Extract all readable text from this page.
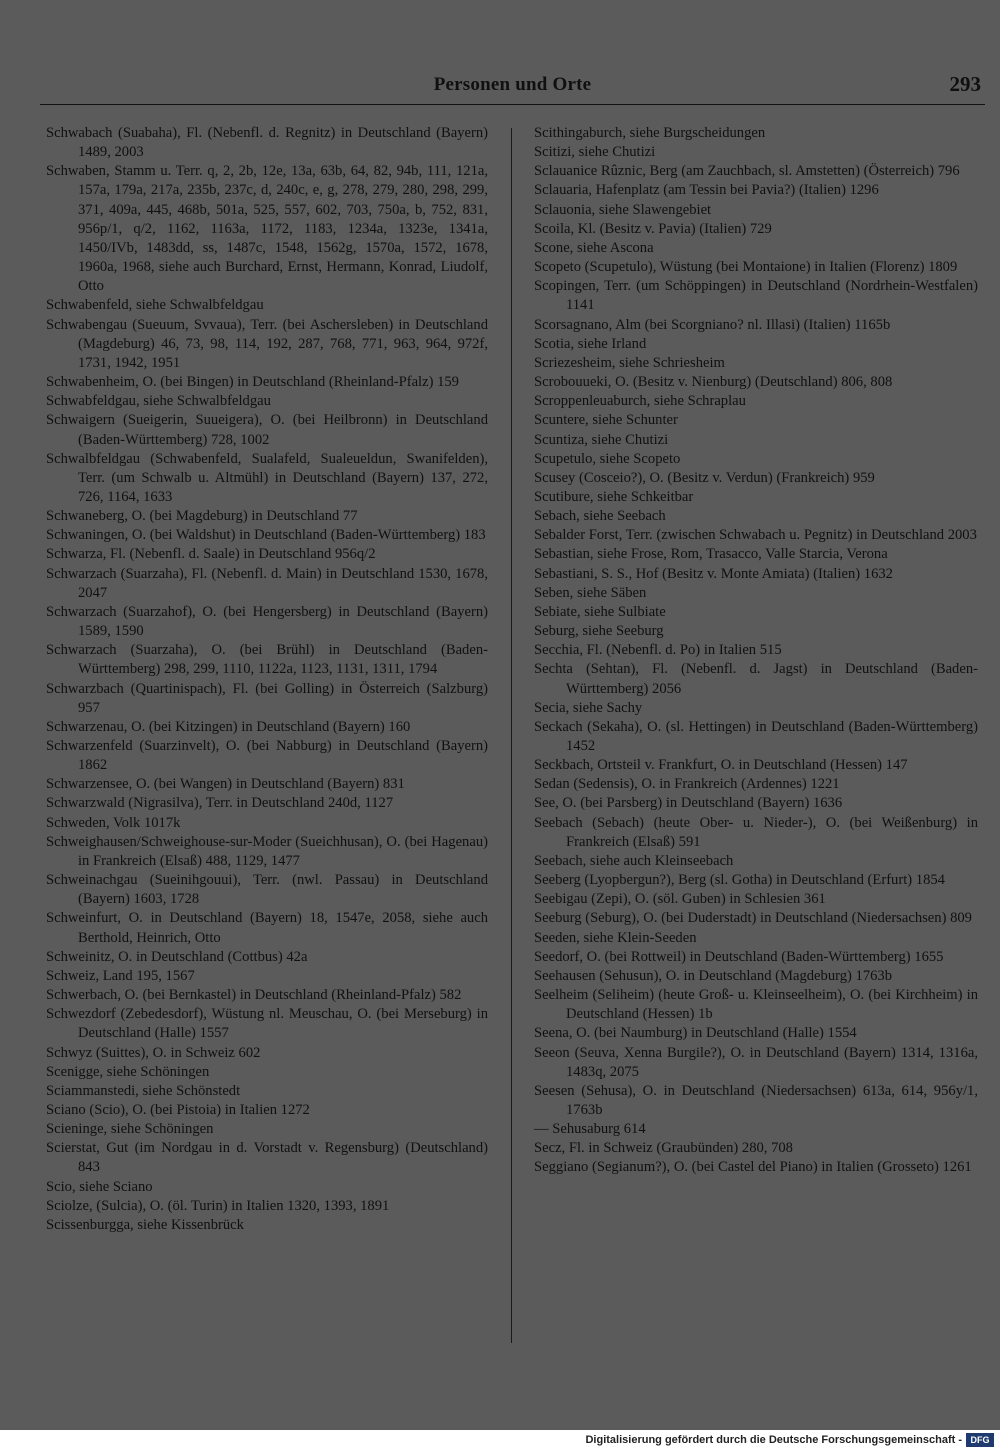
Personen und Orte	293
Schwabach (Suabaha), Fl. (Nebenfl. d. Regnitz) in Deutschland (Bayern) 1489, 2003
Schwaben, Stamm u. Terr. q, 2, 2b, 12e, 13a, 63b, 64, 82, 94b, 111, 121a, 157a, 179a, 217a, 235b, 237c, d, 240c, e, g, 278, 279, 280, 298, 299, 371, 409a, 445, 468b, 501a, 525, 557, 602, 703, 750a, b, 752, 831, 956p/1, q/2, 1162, 1163a, 1172, 1183, 1234a, 1323e, 1341a, 1450/IVb, 1483dd, ss, 1487c, 1548, 1562g, 1570a, 1572, 1678, 1960a, 1968, siehe auch Burchard, Ernst, Hermann, Konrad, Liudolf, Otto
Schwabenfeld, siehe Schwalbfeldgau
Schwabengau (Sueuum, Svvaua), Terr. (bei Aschersleben) in Deutschland (Magdeburg) 46, 73, 98, 114, 192, 287, 768, 771, 963, 964, 972f, 1731, 1942, 1951
Schwabenheim, O. (bei Bingen) in Deutschland (Rheinland-Pfalz) 159
Schwabfeldgau, siehe Schwalbfeldgau
Schwaigern (Sueigerin, Suueigera), O. (bei Heilbronn) in Deutschland (Baden-Württemberg) 728, 1002
Schwalbfeldgau (Schwabenfeld, Sualafeld, Sualeueldun, Swanifelden), Terr. (um Schwalb u. Altmühl) in Deutschland (Bayern) 137, 272, 726, 1164, 1633
Schwaneberg, O. (bei Magdeburg) in Deutschland 77
Schwaningen, O. (bei Waldshut) in Deutschland (Baden-Württemberg) 183
Schwarza, Fl. (Nebenfl. d. Saale) in Deutschland 956q/2
Schwarzach (Suarzaha), Fl. (Nebenfl. d. Main) in Deutschland 1530, 1678, 2047
Schwarzach (Suarzahof), O. (bei Hengersberg) in Deutschland (Bayern) 1589, 1590
Schwarzach (Suarzaha), O. (bei Brühl) in Deutschland (Baden-Württemberg) 298, 299, 1110, 1122a, 1123, 1131, 1311, 1794
Schwarzbach (Quartinispach), Fl. (bei Golling) in Österreich (Salzburg) 957
Schwarzenau, O. (bei Kitzingen) in Deutschland (Bayern) 160
Schwarzenfeld (Suarzinvelt), O. (bei Nabburg) in Deutschland (Bayern) 1862
Schwarzensee, O. (bei Wangen) in Deutschland (Bayern) 831
Schwarzwald (Nigrasilva), Terr. in Deutschland 240d, 1127
Schweden, Volk 1017k
Schweighausen/Schweighouse-sur-Moder (Sueichhusan), O. (bei Hagenau) in Frankreich (Elsaß) 488, 1129, 1477
Schweinachgau (Sueinihgouui), Terr. (nwl. Passau) in Deutschland (Bayern) 1603, 1728
Schweinfurt, O. in Deutschland (Bayern) 18, 1547e, 2058, siehe auch Berthold, Heinrich, Otto
Schweinitz, O. in Deutschland (Cottbus) 42a
Schweiz, Land 195, 1567
Schwerbach, O. (bei Bernkastel) in Deutschland (Rheinland-Pfalz) 582
Schwezdorf (Zebedesdorf), Wüstung nl. Meuschau, O. (bei Merseburg) in Deutschland (Halle) 1557
Schwyz (Suittes), O. in Schweiz 602
Scenigge, siehe Schöningen
Sciammanstedi, siehe Schönstedt
Sciano (Scio), O. (bei Pistoia) in Italien 1272
Scieninge, siehe Schöningen
Scierstat, Gut (im Nordgau in d. Vorstadt v. Regensburg) (Deutschland) 843
Scio, siehe Sciano
Sciolze, (Sulcia), O. (öl. Turin) in Italien 1320, 1393, 1891
Scissenburgga, siehe Kissenbrück
Scithingaburch, siehe Burgscheidungen
Scitizi, siehe Chutizi
Sclauanice Rûznic, Berg (am Zauchbach, sl. Amstetten) (Österreich) 796
Sclauaria, Hafenplatz (am Tessin bei Pavia?) (Italien) 1296
Sclauonia, siehe Slawengebiet
Scoila, Kl. (Besitz v. Pavia) (Italien) 729
Scone, siehe Ascona
Scopeto (Scupetulo), Wüstung (bei Montaione) in Italien (Florenz) 1809
Scopingen, Terr. (um Schöppingen) in Deutschland (Nordrhein-Westfalen) 1141
Scorsagnano, Alm (bei Scorgniano? nl. Illasi) (Italien) 1165b
Scotia, siehe Irland
Scriezesheim, siehe Schriesheim
Scrobouueki, O. (Besitz v. Nienburg) (Deutschland) 806, 808
Scroppenleuaburch, siehe Schraplau
Scuntere, siehe Schunter
Scuntiza, siehe Chutizi
Scupetulo, siehe Scopeto
Scusey (Cosceio?), O. (Besitz v. Verdun) (Frankreich) 959
Scutibure, siehe Schkeitbar
Sebach, siehe Seebach
Sebalder Forst, Terr. (zwischen Schwabach u. Pegnitz) in Deutschland 2003
Sebastian, siehe Frose, Rom, Trasacco, Valle Starcia, Verona
Sebastiani, S. S., Hof (Besitz v. Monte Amiata) (Italien) 1632
Seben, siehe Säben
Sebiate, siehe Sulbiate
Seburg, siehe Seeburg
Secchia, Fl. (Nebenfl. d. Po) in Italien 515
Sechta (Sehtan), Fl. (Nebenfl. d. Jagst) in Deutschland (Baden-Württemberg) 2056
Secia, siehe Sachy
Seckach (Sekaha), O. (sl. Hettingen) in Deutschland (Baden-Württemberg) 1452
Seckbach, Ortsteil v. Frankfurt, O. in Deutschland (Hessen) 147
Sedan (Sedensis), O. in Frankreich (Ardennes) 1221
See, O. (bei Parsberg) in Deutschland (Bayern) 1636
Seebach (Sebach) (heute Ober- u. Nieder-), O. (bei Weißenburg) in Frankreich (Elsaß) 591
Seebach, siehe auch Kleinseebach
Seeberg (Lyopbergun?), Berg (sl. Gotha) in Deutschland (Erfurt) 1854
Seebigau (Zepi), O. (söl. Guben) in Schlesien 361
Seeburg (Seburg), O. (bei Duderstadt) in Deutschland (Niedersachsen) 809
Seeden, siehe Klein-Seeden
Seedorf, O. (bei Rottweil) in Deutschland (Baden-Württemberg) 1655
Seehausen (Sehusun), O. in Deutschland (Magdeburg) 1763b
Seelheim (Seliheim) (heute Groß- u. Kleinseelheim), O. (bei Kirchheim) in Deutschland (Hessen) 1b
Seena, O. (bei Naumburg) in Deutschland (Halle) 1554
Seeon (Seuva, Xenna Burgile?), O. in Deutschland (Bayern) 1314, 1316a, 1483q, 2075
Seesen (Sehusa), O. in Deutschland (Niedersachsen) 613a, 614, 956y/1, 1763b
— Sehusaburg 614
Secz, Fl. in Schweiz (Graubünden) 280, 708
Seggiano (Segianum?), O. (bei Castel del Piano) in Italien (Grosseto) 1261
Digitalisierung gefördert durch die Deutsche Forschungsgemeinschaft - DFG
